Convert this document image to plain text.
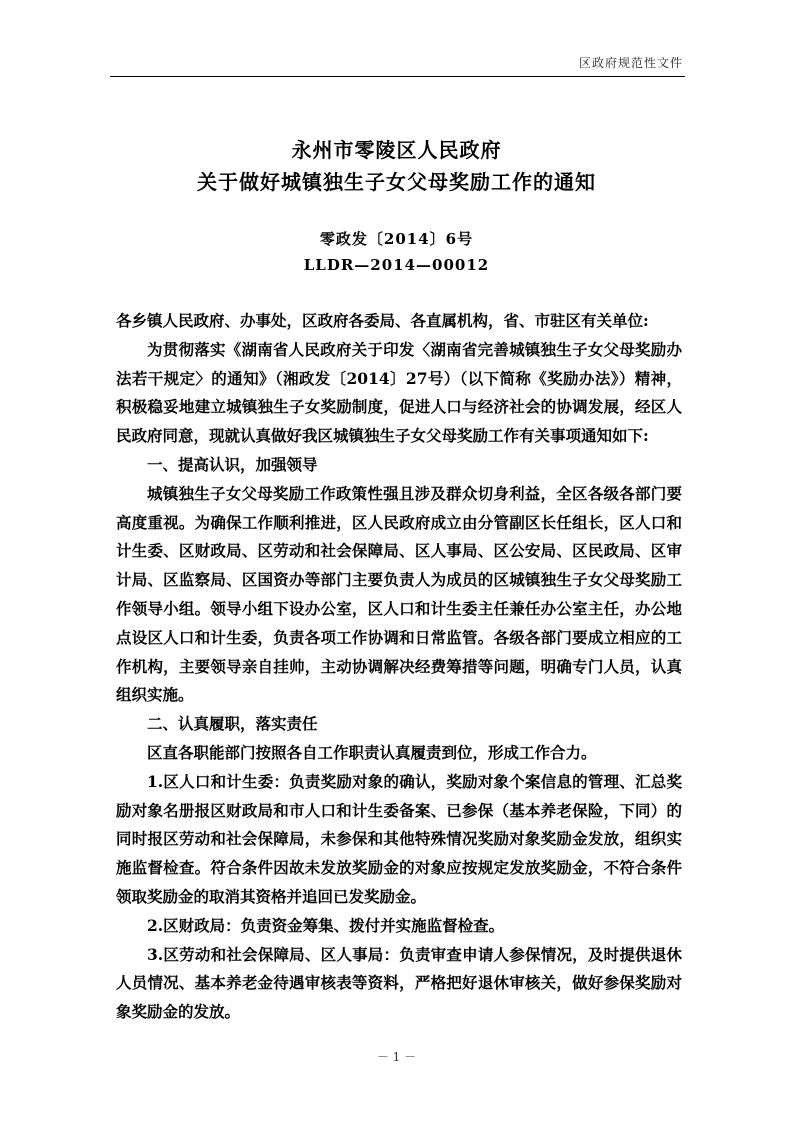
区政府规范性文件
永州市零陵区人民政府
关于做好城镇独生子女父母奖励工作的通知
零政发〔2014〕6号
LLDR—2014—00012

各乡镇人民政府、办事处，区政府各委局、各直属机构，省、市驻区有关单位:

为贯彻落实《湖南省人民政府关于印发〈湖南省完善城镇独生子女父母奖励办法若干规定〉的通知》（湘政发〔2014〕27号）（以下简称《奖励办法》）精神，积极稳妥地建立城镇独生子女奖励制度，促进人口与经济社会的协调发展，经区人民政府同意，现就认真做好我区城镇独生子女父母奖励工作有关事项通知如下:

一、提高认识，加强领导

城镇独生子女父母奖励工作政策性强且涉及群众切身利益，全区各级各部门要高度重视。为确保工作顺利推进，区人民政府成立由分管副区长任组长，区人口和计生委、区财政局、区劳动和社会保障局、区人事局、区公安局、区民政局、区审计局、区监察局、区国资办等部门主要负责人为成员的区城镇独生子女父母奖励工作领导小组。领导小组下设办公室，区人口和计生委主任兼任办公室主任，办公地点设区人口和计生委，负责各项工作协调和日常监管。各级各部门要成立相应的工作机构，主要领导亲自挂帅，主动协调解决经费筹措等问题，明确专门人员，认真组织实施。

二、认真履职，落实责任

区直各职能部门按照各自工作职责认真履责到位，形成工作合力。

1.区人口和计生委：负责奖励对象的确认，奖励对象个案信息的管理、汇总奖励对象名册报区财政局和市人口和计生委备案、已参保（基本养老保险，下同）的同时报区劳动和社会保障局，未参保和其他特殊情况奖励对象奖励金发放，组织实施监督检查。符合条件因故未发放奖励金的对象应按规定发放奖励金，不符合条件领取奖励金的取消其资格并追回已发奖励金。

2.区财政局：负责资金筹集、拨付并实施监督检查。

3.区劳动和社会保障局、区人事局：负责审查申请人参保情况，及时提供退休人员情况、基本养老金待遇审核表等资料，严格把好退休审核关，做好参保奖励对象奖励金的发放。

－ 1 －
